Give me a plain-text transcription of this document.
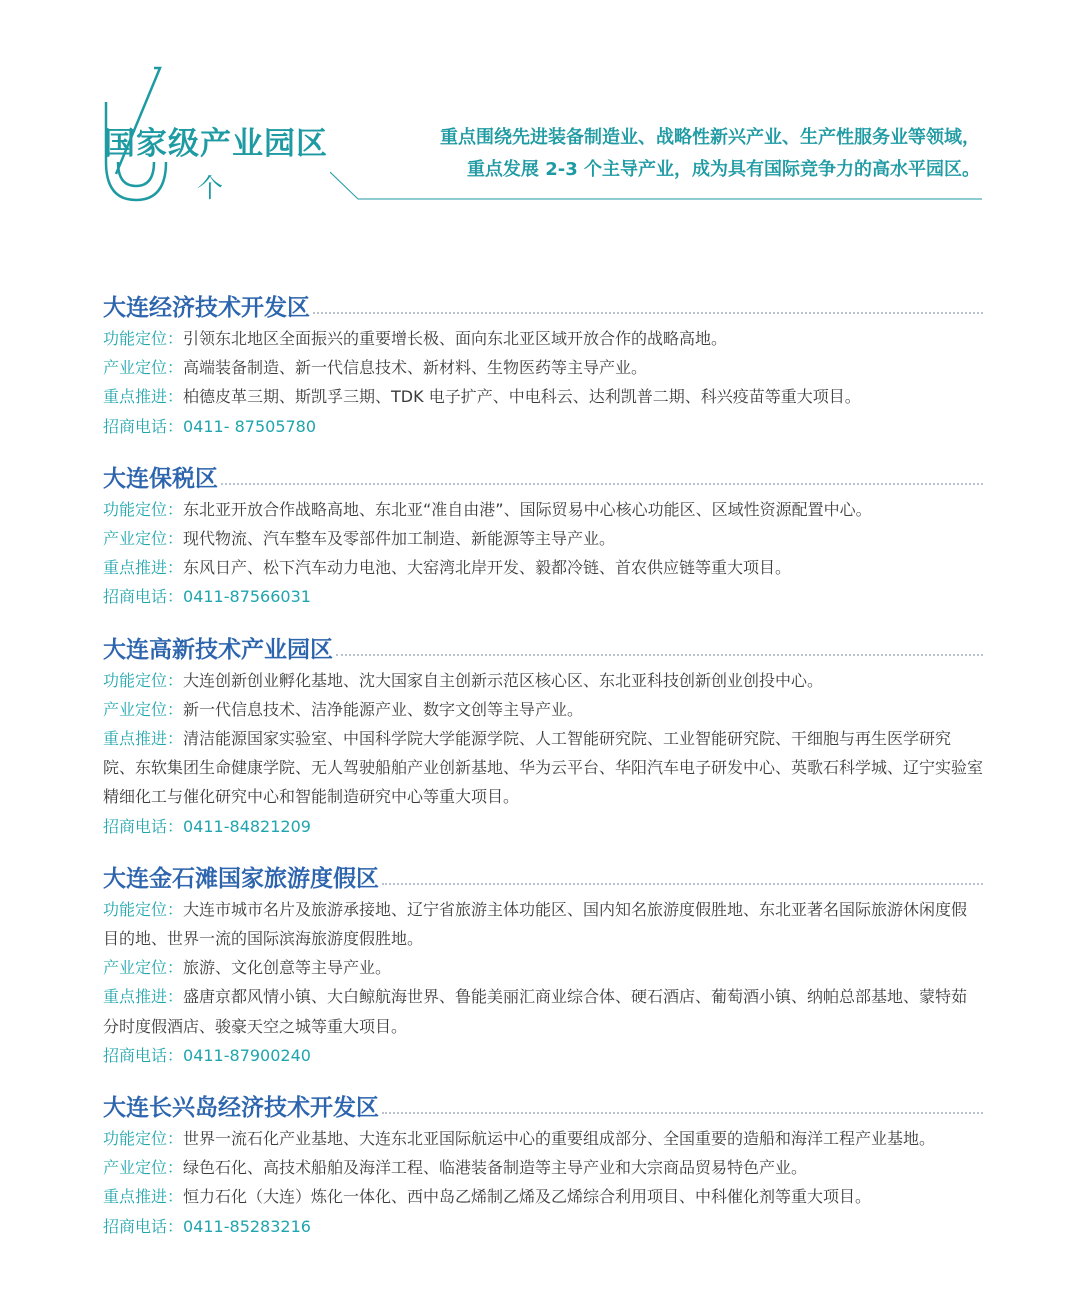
国家级产业园区
个
重点围绕先进装备制造业、战略性新兴产业、生产性服务业等领域，
重点发展 2-3 个主导产业，成为具有国际竞争力的高水平园区。
大连经济技术开发区
功能定位：引领东北地区全面振兴的重要增长极、面向东北亚区域开放合作的战略高地。
产业定位：高端装备制造、新一代信息技术、新材料、生物医药等主导产业。
重点推进：柏德皮革三期、斯凯孚三期、TDK 电子扩产、中电科云、达利凯普二期、科兴疫苗等重大项目。
招商电话：0411- 87505780
大连保税区
功能定位：东北亚开放合作战略高地、东北亚“准自由港”、国际贸易中心核心功能区、区域性资源配置中心。
产业定位：现代物流、汽车整车及零部件加工制造、新能源等主导产业。
重点推进：东风日产、松下汽车动力电池、大窑湾北岸开发、毅都冷链、首农供应链等重大项目。
招商电话：0411-87566031
大连高新技术产业园区
功能定位：大连创新创业孵化基地、沈大国家自主创新示范区核心区、东北亚科技创新创业创投中心。
产业定位：新一代信息技术、洁净能源产业、数字文创等主导产业。
重点推进：清洁能源国家实验室、中国科学院大学能源学院、人工智能研究院、工业智能研究院、干细胞与再生医学研究院、东软集团生命健康学院、无人驾驶船舶产业创新基地、华为云平台、华阳汽车电子研发中心、英歌石科学城、辽宁实验室精细化工与催化研究中心和智能制造研究中心等重大项目。
招商电话：0411-84821209
大连金石滩国家旅游度假区
功能定位：大连市城市名片及旅游承接地、辽宁省旅游主体功能区、国内知名旅游度假胜地、东北亚著名国际旅游休闲度假目的地、世界一流的国际滨海旅游度假胜地。
产业定位：旅游、文化创意等主导产业。
重点推进：盛唐京都风情小镇、大白鲸航海世界、鲁能美丽汇商业综合体、硬石酒店、葡萄酒小镇、纳帕总部基地、蒙特茹分时度假酒店、骏豪天空之城等重大项目。
招商电话：0411-87900240
大连长兴岛经济技术开发区
功能定位：世界一流石化产业基地、大连东北亚国际航运中心的重要组成部分、全国重要的造船和海洋工程产业基地。
产业定位：绿色石化、高技术船舶及海洋工程、临港装备制造等主导产业和大宗商品贸易特色产业。
重点推进：恒力石化（大连）炼化一体化、西中岛乙烯制乙烯及乙烯综合利用项目、中科催化剂等重大项目。
招商电话：0411-85283216
